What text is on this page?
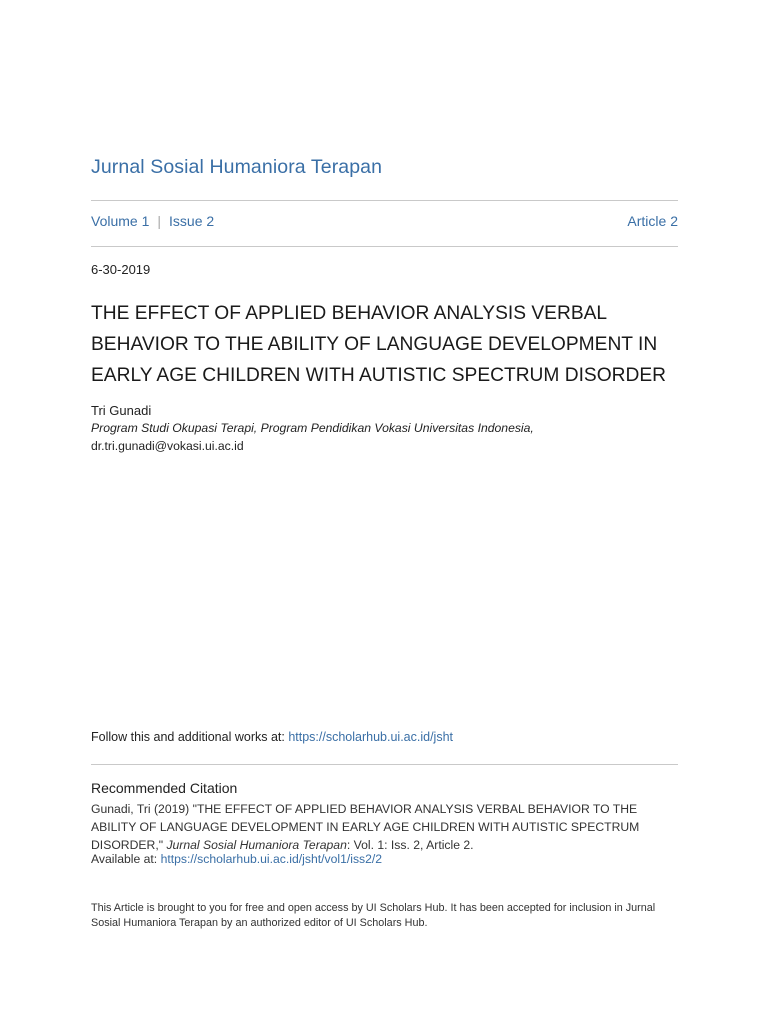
Jurnal Sosial Humaniora Terapan
Volume 1 | Issue 2	Article 2
6-30-2019
THE EFFECT OF APPLIED BEHAVIOR ANALYSIS VERBAL BEHAVIOR TO THE ABILITY OF LANGUAGE DEVELOPMENT IN EARLY AGE CHILDREN WITH AUTISTIC SPECTRUM DISORDER
Tri Gunadi
Program Studi Okupasi Terapi, Program Pendidikan Vokasi Universitas Indonesia,
dr.tri.gunadi@vokasi.ui.ac.id
Follow this and additional works at: https://scholarhub.ui.ac.id/jsht
Recommended Citation
Gunadi, Tri (2019) "THE EFFECT OF APPLIED BEHAVIOR ANALYSIS VERBAL BEHAVIOR TO THE ABILITY OF LANGUAGE DEVELOPMENT IN EARLY AGE CHILDREN WITH AUTISTIC SPECTRUM DISORDER," Jurnal Sosial Humaniora Terapan: Vol. 1: Iss. 2, Article 2.
Available at: https://scholarhub.ui.ac.id/jsht/vol1/iss2/2
This Article is brought to you for free and open access by UI Scholars Hub. It has been accepted for inclusion in Jurnal Sosial Humaniora Terapan by an authorized editor of UI Scholars Hub.
